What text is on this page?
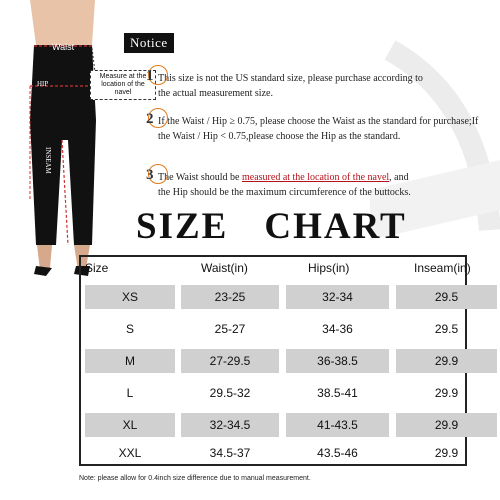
Waist
HIP
INSEAM
Measure at the location of the navel
Notice
1 This size is not the US standard size, please purchase according to the actual measurement size.
2 If the Waist / Hip ≥ 0.75, please choose the Waist as the standard for purchase;If the Waist / Hip < 0.75,please choose the Hip as the standard.
3 The Waist should be measured at the location of the navel, and the Hip should be the maximum circumference of the buttocks.
SIZE CHART
Size	Waist(in)	Hips(in)	Inseam(in)
XS	23-25	32-34	29.5
S	25-27	34-36	29.5
M	27-29.5	36-38.5	29.9
L	29.5-32	38.5-41	29.9
XL	32-34.5	41-43.5	29.9
XXL	34.5-37	43.5-46	29.9
Note: please allow for 0.4inch size difference due to manual measurement.
